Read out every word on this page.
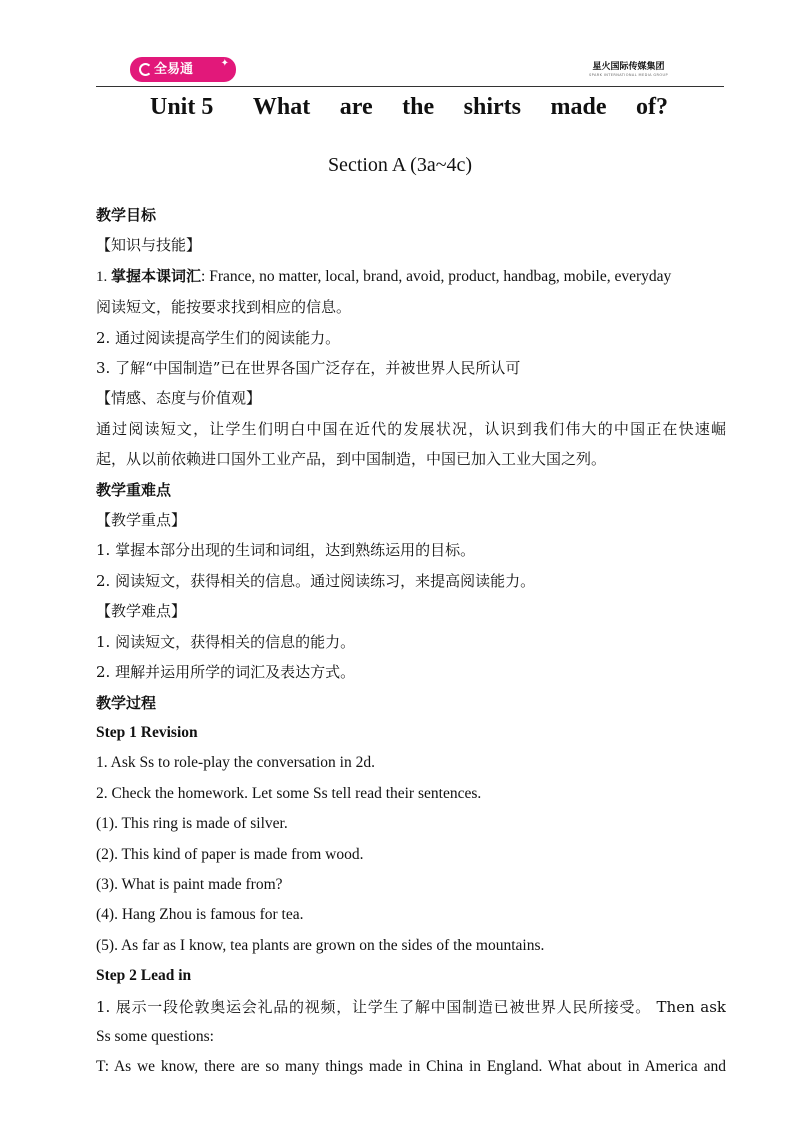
全易通	✦	星火国际传媒集团
SPARK INTERNATIONAL MEDIA GROUP
Unit 5 What are the shirts made of?
Section A (3a~4c)
教学目标
【知识与技能】
1. 掌握本课词汇: France, no matter, local, brand, avoid, product, handbag, mobile, everyday
阅读短文，能按要求找到相应的信息。
2. 通过阅读提高学生们的阅读能力。
3. 了解“中国制造”已在世界各国广泛存在，并被世界人民所认可
【情感、态度与价值观】
通过阅读短文，让学生们明白中国在近代的发展状况，认识到我们伟大的中国正在快速崛
起，从以前依赖进口国外工业产品，到中国制造，中国已加入工业大国之列。
教学重难点
【教学重点】
1. 掌握本部分出现的生词和词组，达到熟练运用的目标。
2. 阅读短文，获得相关的信息。通过阅读练习，来提高阅读能力。
【教学难点】
1. 阅读短文，获得相关的信息的能力。
2. 理解并运用所学的词汇及表达方式。
教学过程
Step 1 Revision
1. Ask Ss to role-play the conversation in 2d.
2. Check the homework. Let some Ss tell read their sentences.
(1). This ring is made of silver.
(2). This kind of paper is made from wood.
(3). What is paint made from?
(4). Hang Zhou is famous for tea.
(5). As far as I know, tea plants are grown on the sides of the mountains.
Step 2 Lead in
1. 展示一段伦敦奥运会礼品的视频，让学生了解中国制造已被世界人民所接受。 Then ask
Ss some questions:
T: As we know, there are so many things made in China in England. What about in America and
